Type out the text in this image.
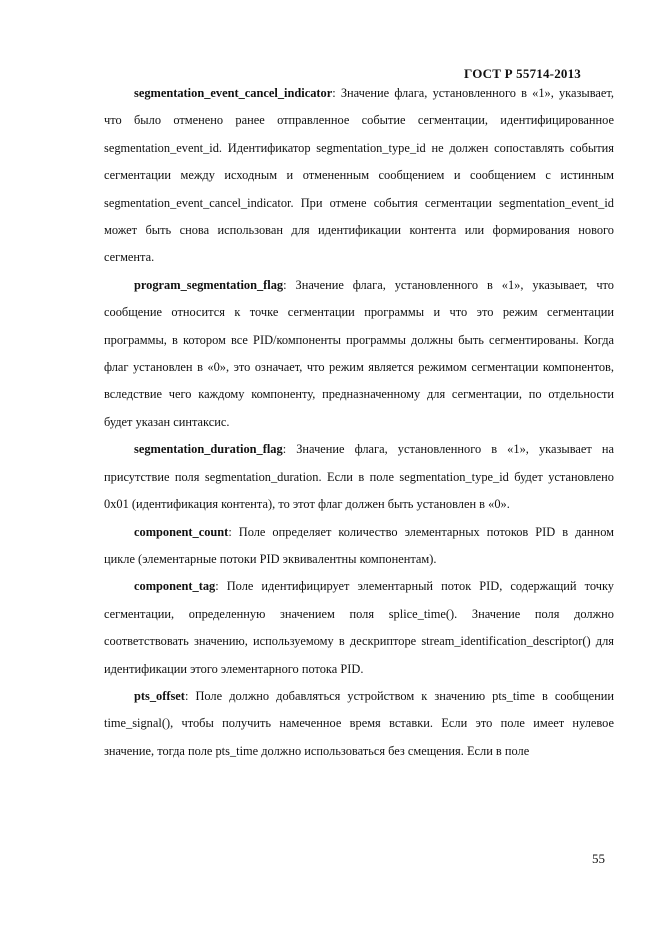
ГОСТ Р 55714-2013

segmentation_event_cancel_indicator: Значение флага, установленного в «1», указывает, что было отменено ранее отправленное событие сегментации, идентифицированное segmentation_event_id. Идентификатор segmentation_type_id не должен сопоставлять события сегментации между исходным и отмененным сообщением и сообщением с истинным segmentation_event_cancel_indicator. При отмене события сегментации segmentation_event_id может быть снова использован для идентификации контента или формирования нового сегмента.

program_segmentation_flag: Значение флага, установленного в «1», указывает, что сообщение относится к точке сегментации программы и что это режим сегментации программы, в котором все PID/компоненты программы должны быть сегментированы. Когда флаг установлен в «0», это означает, что режим является режимом сегментации компонентов, вследствие чего каждому компоненту, предназначенному для сегментации, по отдельности будет указан синтаксис.

segmentation_duration_flag: Значение флага, установленного в «1», указывает на присутствие поля segmentation_duration. Если в поле segmentation_type_id будет установлено 0x01 (идентификация контента), то этот флаг должен быть установлен в «0».

component_count: Поле определяет количество элементарных потоков PID в данном цикле (элементарные потоки PID эквивалентны компонентам).

component_tag: Поле идентифицирует элементарный поток PID, содержащий точку сегментации, определенную значением поля splice_time(). Значение поля должно соответствовать значению, используемому в дескрипторе stream_identification_descriptor() для идентификации этого элементарного потока PID.

pts_offset: Поле должно добавляться устройством к значению pts_time в сообщении time_signal(), чтобы получить намеченное время вставки. Если это поле имеет нулевое значение, тогда поле pts_time должно использоваться без смещения. Если в поле

55
